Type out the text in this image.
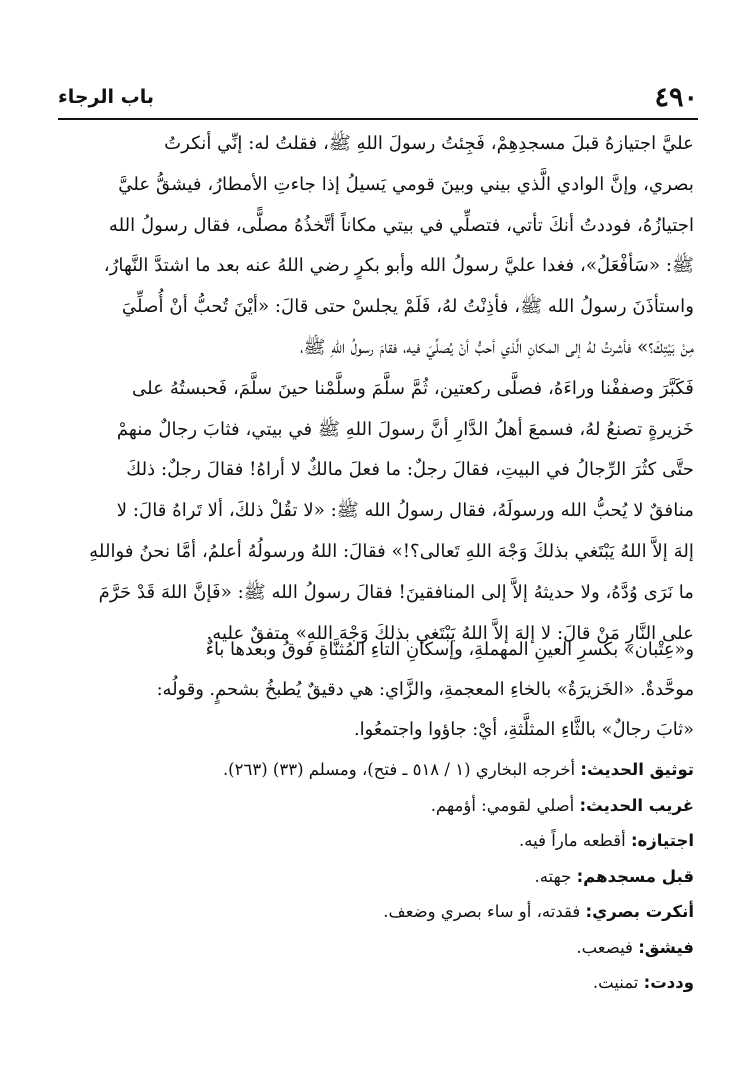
٤٩٠
باب الرجاء
عليَّ اجتيازهُ قبلَ مسجدِهِمْ، فَجِئتُ رسولَ اللهِ ﷺ، فقلتُ له: إنِّي أنكرتُ
بصري، وإنَّ الوادي الَّذي بيني وبينَ قومي يَسيلُ إذا جاءتِ الأمطارُ، فيشقُّ عليَّ
اجتيازُهُ، فوددتُ أنكَ تأتي، فتصلِّي في بيتي مكاناً أتَّخذُهُ مصلًّى، فقال رسولُ الله
ﷺ: «سَأفْعَلُ»، فغدا عليَّ رسولُ الله وأبو بكرٍ رضي اللهُ عنه بعد ما اشتدَّ النَّهارُ،
واستأذَنَ رسولُ الله ﷺ، فأذِنْتُ لهُ، فَلَمْ يجلسْ حتى قالَ: «أيْنَ تُحبُّ أنْ أُصلِّيَ
مِنْ بَيْتِكَ؟» فأشرتُ لهُ إلى المكانِ الَّذي أحبُّ أنْ يُصلِّيَ فيه، فقامَ رسولُ اللهِ ﷺ،
فَكَبَّرَ وصففْنا وراءَهُ، فصلَّى ركعتين، ثُمَّ سلَّمَ وسلَّمْنا حينَ سلَّمَ، فَحبستُهُ على
خَزيرةٍ تصنعُ لهُ، فسمعَ أهلُ الدَّارِ أنَّ رسولَ اللهِ ﷺ في بيتي، فثابَ رجالٌ منهمْ
حتَّى كثُرَ الرِّجالُ في البيتِ، فقالَ رجلٌ: ما فعلَ مالكٌ لا أراهُ! فقالَ رجلٌ: ذلكَ
منافقٌ لا يُحبُّ الله ورسولَهُ، فقال رسولُ الله ﷺ: «لا تقُلْ ذلكَ، ألا تَراهُ قالَ: لا
إلهَ إلاَّ اللهُ يَبْتَغي بذلكَ وَجْهَ اللهِ تَعالى؟!» فقالَ: اللهُ ورسولُهُ أعلمُ، أمَّا نحنُ فواللهِ
ما نَرَى وُدَّهُ، ولا حديثهُ إلاَّ إلى المنافقينَ! فقالَ رسولُ الله ﷺ: «فَإنَّ اللهَ قَدْ حَرَّمَ
على النَّارِ مَنْ قالَ: لا إلهَ إلاَّ اللهُ يَبْتَغي بذلكَ وَجْهَ اللهِ» متفقٌ عليه.
و«عِتْبان» بكسرِ العينِ المهملةِ، وإسكانِ التاءِ المُثنَّاةِ فوقُ وبعدها باءٌ
موحَّدةٌ. «الخَزيرَةُ» بالخاءِ المعجمةِ، والزَّاي: هي دقيقٌ يُطبخُ بشحمٍ. وقولُه:
«ثابَ رجالٌ» بالثَّاءِ المثلَّثةِ، أيْ: جاؤوا واجتمعُوا.
توثيق الحديث: أخرجه البخاري (١ / ٥١٨ ـ فتح)، ومسلم (٣٣) (٢٦٣).
غريب الحديث: أصلي لقومي: أؤمهم.
اجتيازه: أقطعه ماراً فيه.
قبل مسجدهم: جهته.
أنكرت بصري: فقدته، أو ساء بصري وضعف.
فيشق: فيصعب.
وددت: تمنيت.
